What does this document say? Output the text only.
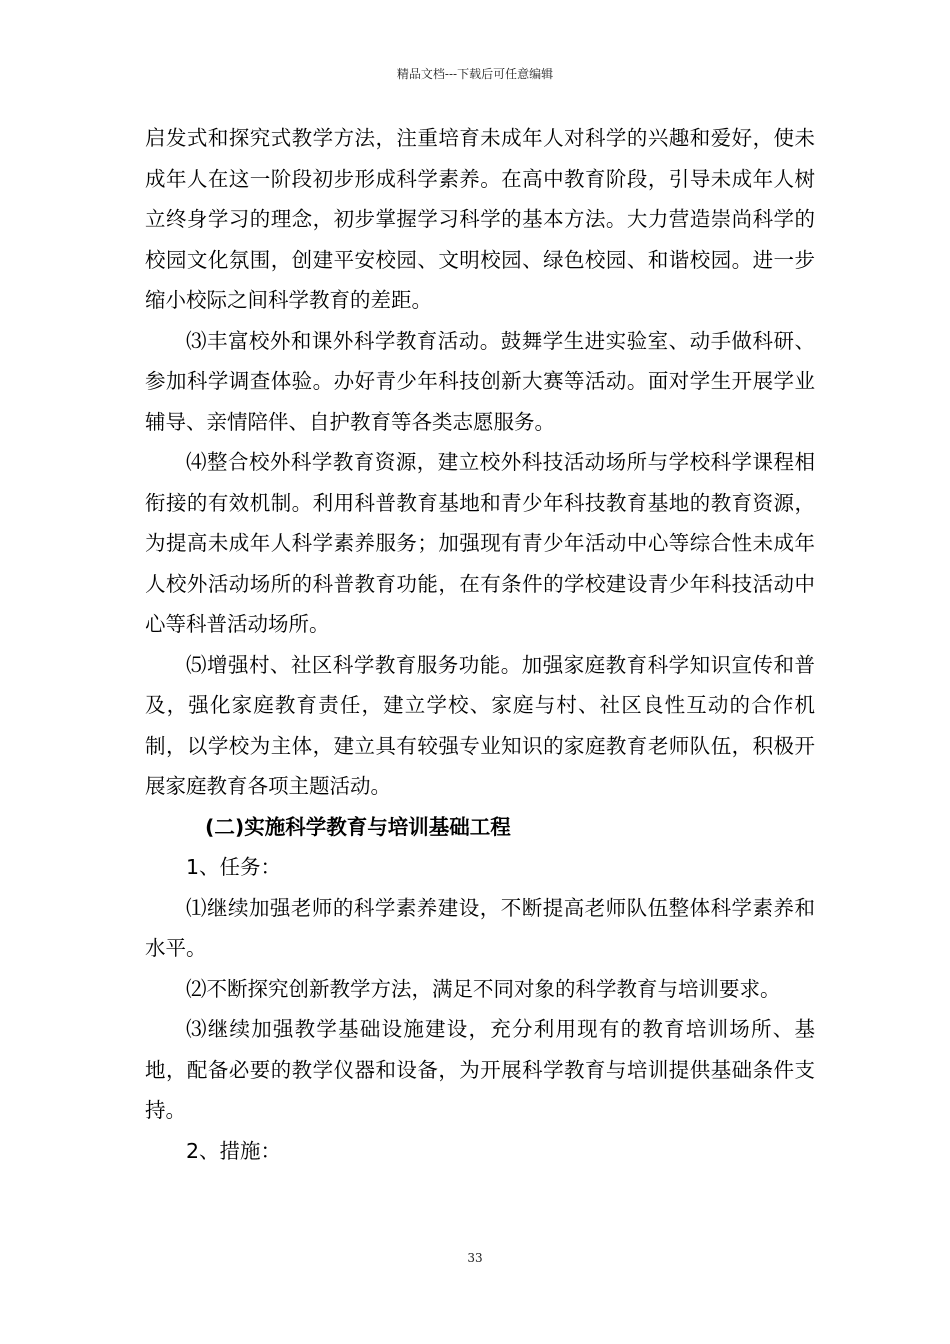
精品文档---下载后可任意编辑

启发式和探究式教学方法，注重培育未成年人对科学的兴趣和爱好，使未成年人在这一阶段初步形成科学素养。在高中教育阶段，引导未成年人树立终身学习的理念，初步掌握学习科学的基本方法。大力营造崇尚科学的校园文化氛围，创建平安校园、文明校园、绿色校园、和谐校园。进一步缩小校际之间科学教育的差距。

⑶丰富校外和课外科学教育活动。鼓舞学生进实验室、动手做科研、参加科学调查体验。办好青少年科技创新大赛等活动。面对学生开展学业辅导、亲情陪伴、自护教育等各类志愿服务。

⑷整合校外科学教育资源，建立校外科技活动场所与学校科学课程相衔接的有效机制。利用科普教育基地和青少年科技教育基地的教育资源，为提高未成年人科学素养服务；加强现有青少年活动中心等综合性未成年人校外活动场所的科普教育功能，在有条件的学校建设青少年科技活动中心等科普活动场所。

⑸增强村、社区科学教育服务功能。加强家庭教育科学知识宣传和普及，强化家庭教育责任，建立学校、家庭与村、社区良性互动的合作机制，以学校为主体，建立具有较强专业知识的家庭教育老师队伍，积极开展家庭教育各项主题活动。

(二)实施科学教育与培训基础工程

1、任务：

⑴继续加强老师的科学素养建设，不断提高老师队伍整体科学素养和水平。

⑵不断探究创新教学方法，满足不同对象的科学教育与培训要求。

⑶继续加强教学基础设施建设，充分利用现有的教育培训场所、基地，配备必要的教学仪器和设备，为开展科学教育与培训提供基础条件支持。

2、措施：

33
